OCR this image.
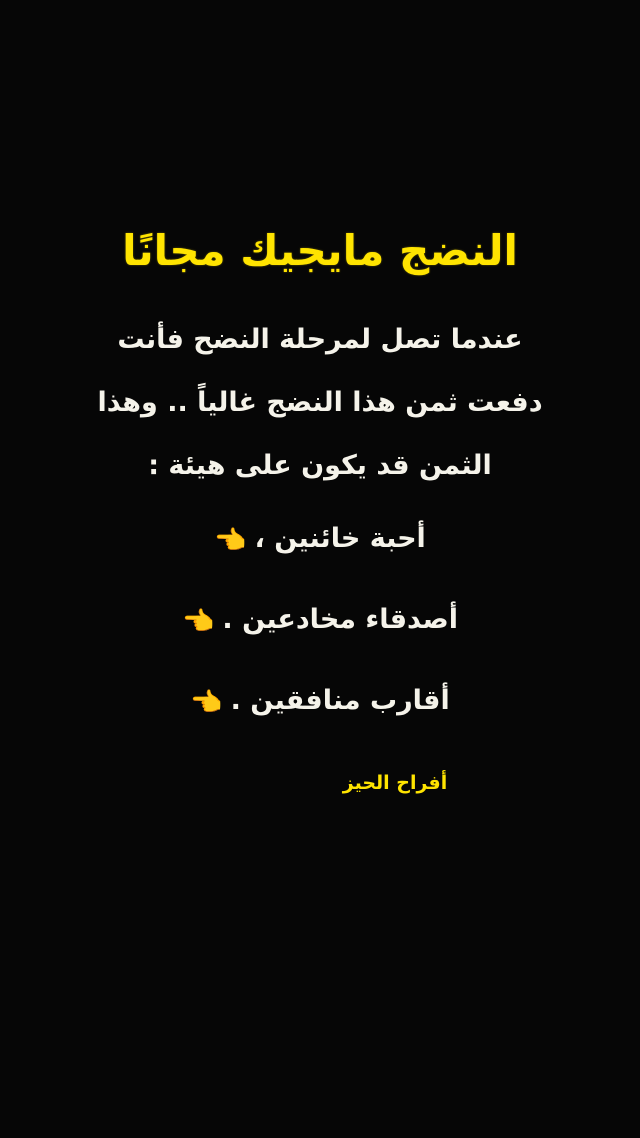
النضج مايجيك مجانًا

عندما تصل لمرحلة النضح فأنت

دفعت ثمن هذا النضج غالياً .. وهذا

الثمن قد يكون على هيئة :

أحبة خائنين ،👈

أصدقاء مخادعين .👈

أقارب منافقين .👈

أفراح الحيز
